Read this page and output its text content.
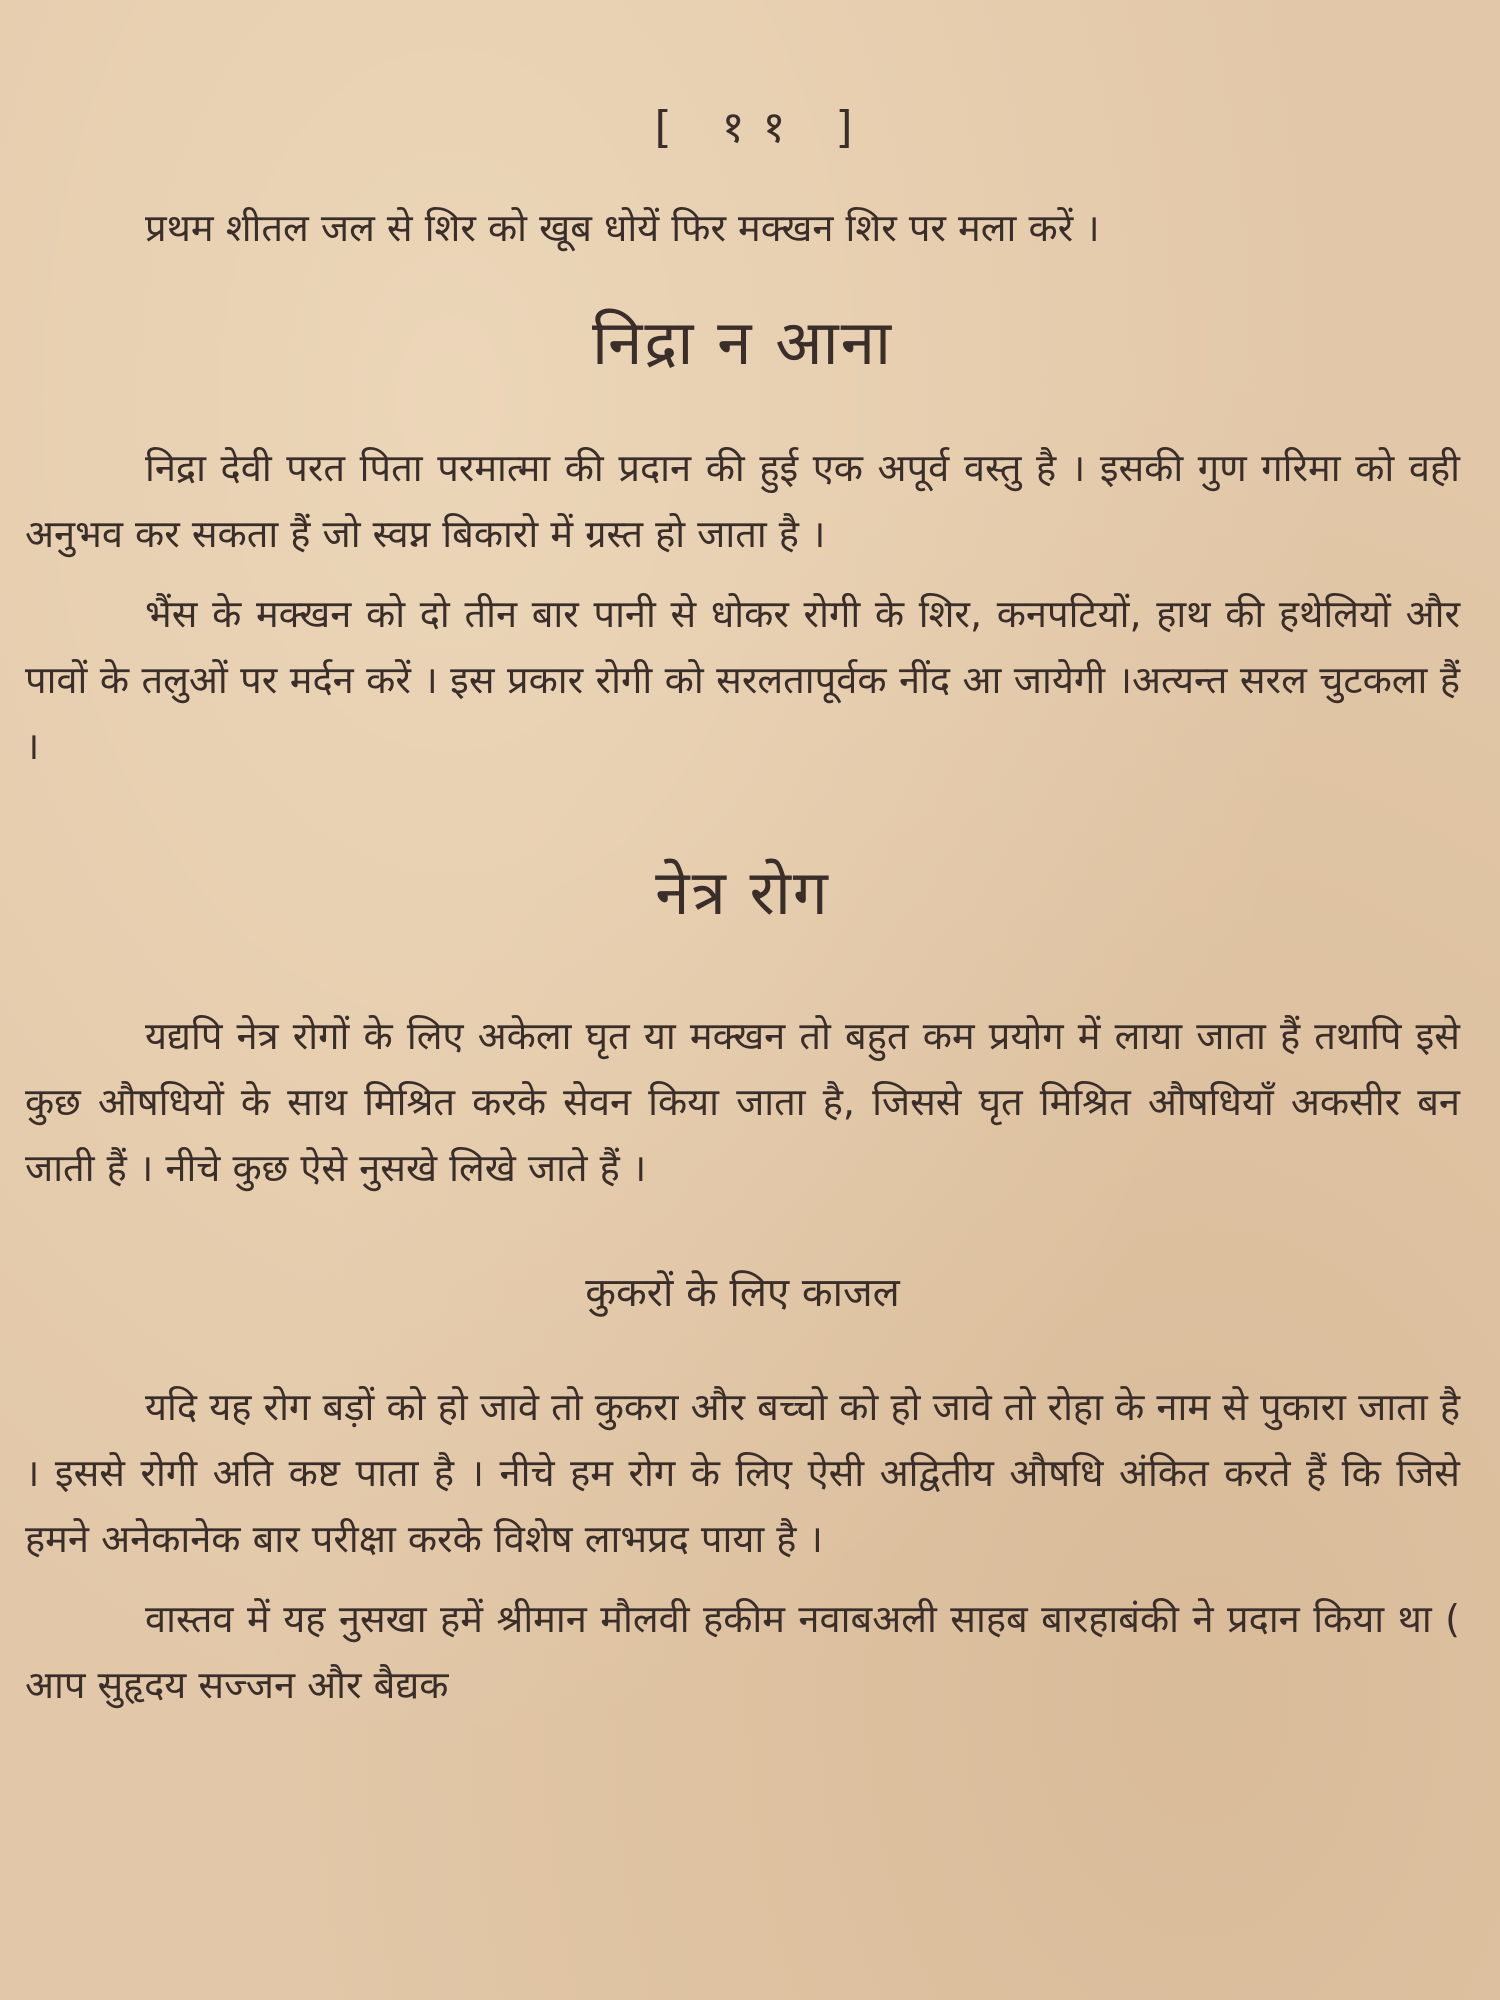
[ ११ ]

प्रथम शीतल जल से शिर को खूब धोयें फिर मक्खन शिर पर मला करें ।

निद्रा न आना

निद्रा देवी परत पिता परमात्मा की प्रदान की हुई एक अपूर्व वस्तु है । इसकी गुण गरिमा को वही अनुभव कर सकता हैं जो स्वप्न बिकारो में ग्रस्त हो जाता है ।

भैंस के मक्खन को दो तीन बार पानी से धोकर रोगी के शिर, कनपटियों, हाथ की हथेलियों और पावों के तलुओं पर मर्दन करें । इस प्रकार रोगी को सरलतापूर्वक नींद आ जायेगी ।अत्यन्त सरल चुटकला हैं ।

नेत्र रोग

यद्यपि नेत्र रोगों के लिए अकेला घृत या मक्खन तो बहुत कम प्रयोग में लाया जाता हैं तथापि इसे कुछ औषधियों के साथ मिश्रित करके सेवन किया जाता है, जिससे घृत मिश्रित औषधियाँ अकसीर बन जाती हैं । नीचे कुछ ऐसे नुसखे लिखे जाते हैं ।

कुकरों के लिए काजल

यदि यह रोग बड़ों को हो जावे तो कुकरा और बच्चो को हो जावे तो रोहा के नाम से पुकारा जाता है । इससे रोगी अति कष्ट पाता है । नीचे हम रोग के लिए ऐसी अद्वितीय औषधि अंकित करते हैं कि जिसे हमने अनेकानेक बार परीक्षा करके विशेष लाभप्रद पाया है ।

वास्तव में यह नुसखा हमें श्रीमान मौलवी हकीम नवाबअली साहब बारहाबंकी ने प्रदान किया था ( आप सुहृदय सज्जन और बैद्यक
